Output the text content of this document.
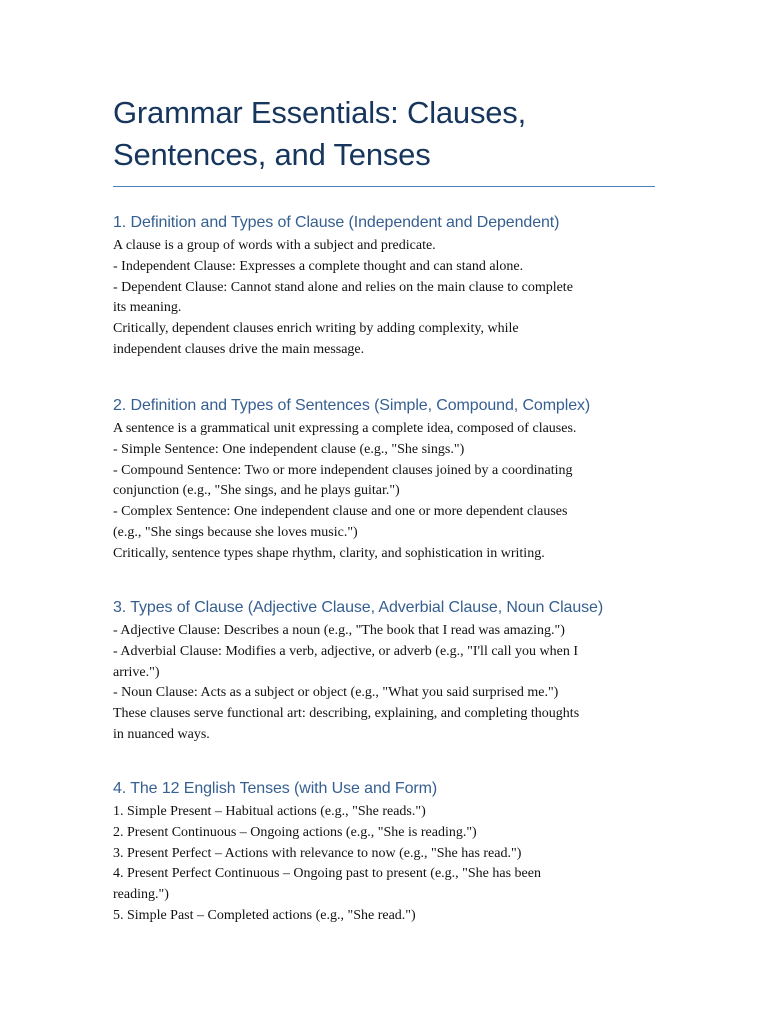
Grammar Essentials: Clauses,
Sentences, and Tenses
1. Definition and Types of Clause (Independent and Dependent)

A clause is a group of words with a subject and predicate.
- Independent Clause: Expresses a complete thought and can stand alone.
- Dependent Clause: Cannot stand alone and relies on the main clause to complete
its meaning.
Critically, dependent clauses enrich writing by adding complexity, while
independent clauses drive the main message.

2. Definition and Types of Sentences (Simple, Compound, Complex)

A sentence is a grammatical unit expressing a complete idea, composed of clauses.
- Simple Sentence: One independent clause (e.g., "She sings.")
- Compound Sentence: Two or more independent clauses joined by a coordinating
conjunction (e.g., "She sings, and he plays guitar.")
- Complex Sentence: One independent clause and one or more dependent clauses
(e.g., "She sings because she loves music.")
Critically, sentence types shape rhythm, clarity, and sophistication in writing.

3. Types of Clause (Adjective Clause, Adverbial Clause, Noun Clause)

- Adjective Clause: Describes a noun (e.g., "The book that I read was amazing.")
- Adverbial Clause: Modifies a verb, adjective, or adverb (e.g., "I'll call you when I
arrive.")
- Noun Clause: Acts as a subject or object (e.g., "What you said surprised me.")
These clauses serve functional art: describing, explaining, and completing thoughts
in nuanced ways.

4. The 12 English Tenses (with Use and Form)

1. Simple Present – Habitual actions (e.g., "She reads.")
2. Present Continuous – Ongoing actions (e.g., "She is reading.")
3. Present Perfect – Actions with relevance to now (e.g., "She has read.")
4. Present Perfect Continuous – Ongoing past to present (e.g., "She has been
reading.")
5. Simple Past – Completed actions (e.g., "She read.")
